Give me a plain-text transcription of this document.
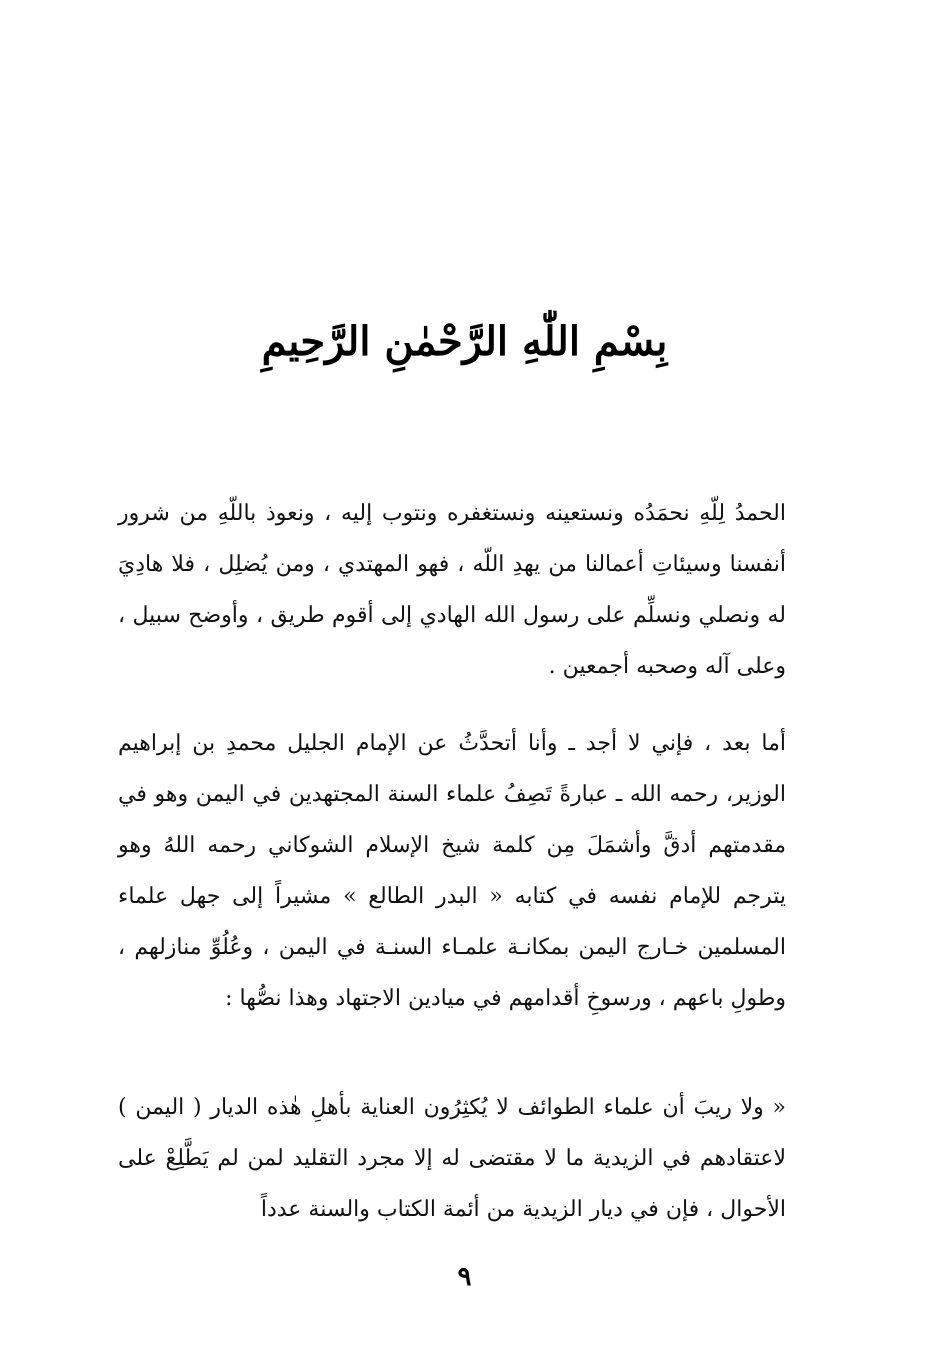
بِسْمِ اللّٰهِ الرَّحْمٰنِ الرَّحِيمِ

الحمدُ لِلّهِ نحمَدُه ونستعينه ونستغفره ونتوب إليه ، ونعوذ باللّهِ من شرور أنفسنا وسيئاتِ أعمالنا من يهدِ اللّه ، فهو المهتدي ، ومن يُضلِل ، فلا هادِيَ له ونصلي ونسلِّم على رسول الله الهادي إلى أقوم طريق ، وأوضح سبيل ، وعلى آله وصحبه أجمعين .

أما بعد ، فإني لا أجد ـ وأنا أتحدَّثُ عن الإمام الجليل محمدِ بن إبراهيم الوزير، رحمه الله ـ عبارةً تَصِفُ علماء السنة المجتهدين في اليمن وهو في مقدمتهم أدقَّ وأشمَلَ مِن كلمة شيخ الإسلام الشوكاني رحمه اللهُ وهو يترجم للإمام نفسه في كتابه « البدر الطالع » مشيراً إلى جهل علماء المسلمين خـارج اليمن بمكانـة علمـاء السنـة في اليمن ، وعُلُوِّ منازلهم ، وطولِ باعهم ، ورسوخِ أقدامهم في ميادين الاجتهاد وهذا نصُّها :

« ولا ريبَ أن علماء الطوائف لا يُكثِرُون العناية بأهلِ هٰذه الديار ( اليمن ) لاعتقادهم في الزيدية ما لا مقتضى له إلا مجرد التقليد لمن لم يَطَّلِعْ على الأحوال ، فإن في ديار الزيدية من أئمة الكتاب والسنة عدداً

٩
